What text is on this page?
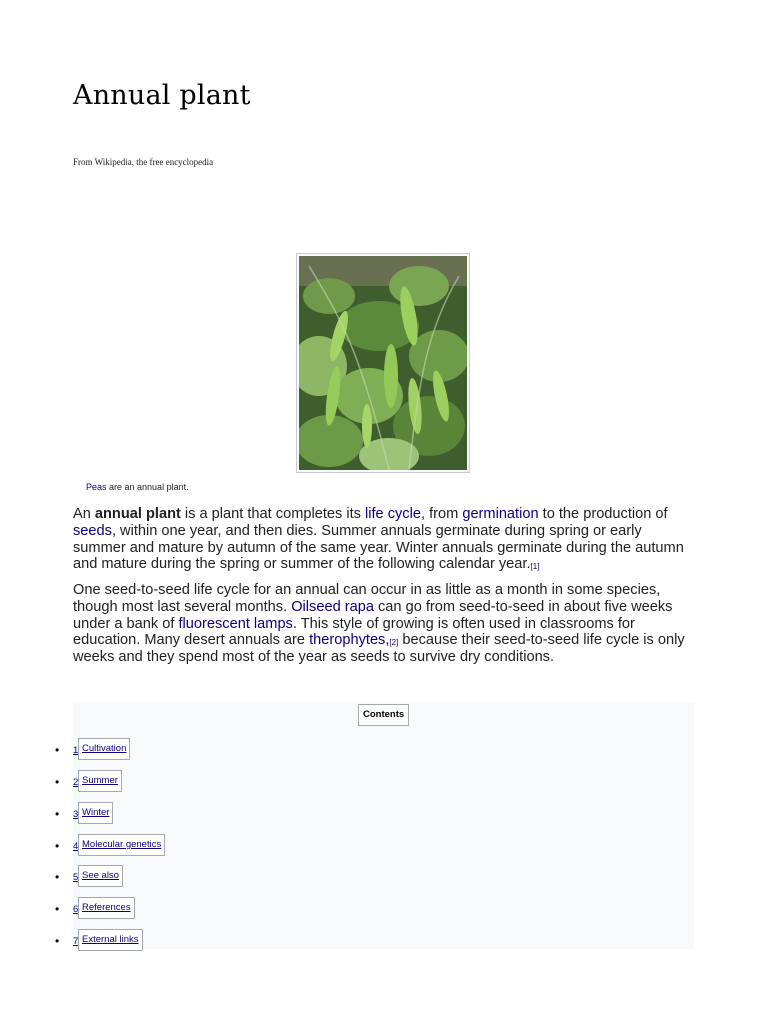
Annual plant

From Wikipedia, the free encyclopedia

Peas are an annual plant.

An annual plant is a plant that completes its life cycle, from germination to the production of seeds, within one year, and then dies. Summer annuals germinate during spring or early summer and mature by autumn of the same year. Winter annuals germinate during the autumn and mature during the spring or summer of the following calendar year.[1]

One seed-to-seed life cycle for an annual can occur in as little as a month in some species, though most last several months. Oilseed rapa can go from seed-to-seed in about five weeks under a bank of fluorescent lamps. This style of growing is often used in classrooms for education. Many desert annuals are therophytes,[2] because their seed-to-seed life cycle is only weeks and they spend most of the year as seeds to survive dry conditions.

Contents
• 1 Cultivation
• 2 Summer
• 3 Winter
• 4 Molecular genetics
• 5 See also
• 6 References
• 7 External links
